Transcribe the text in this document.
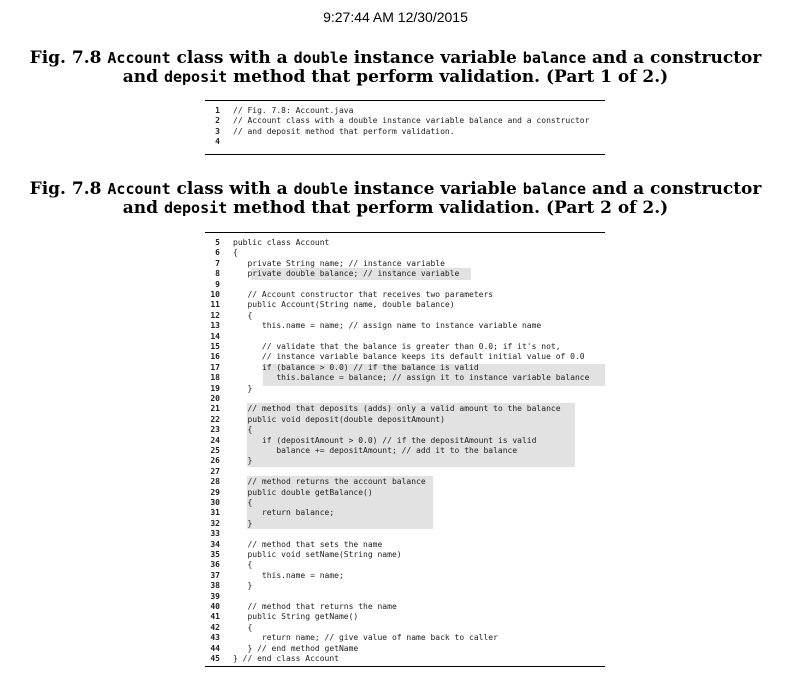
9:27:44 AM 12/30/2015
Fig. 7.8 Account class with a double instance variable balance and a constructor
and deposit method that perform validation. (Part 1 of 2.)
1 // Fig. 7.8: Account.java
2 // Account class with a double instance variable balance and a constructor
3 // and deposit method that perform validation.
4
Fig. 7.8 Account class with a double instance variable balance and a constructor
and deposit method that perform validation. (Part 2 of 2.)
5 public class Account
6 {
7 private String name; // instance variable
8 private double balance; // instance variable
9
10 // Account constructor that receives two parameters
11 public Account(String name, double balance)
12 {
13 this.name = name; // assign name to instance variable name
14
15 // validate that the balance is greater than 0.0; if it's not,
16 // instance variable balance keeps its default initial value of 0.0
17 if (balance > 0.0) // if the balance is valid
18 this.balance = balance; // assign it to instance variable balance
19 }
20
21 // method that deposits (adds) only a valid amount to the balance
22 public void deposit(double depositAmount)
23 {
24 if (depositAmount > 0.0) // if the depositAmount is valid
25 balance += depositAmount; // add it to the balance
26 }
27
28 // method returns the account balance
29 public double getBalance()
30 {
31 return balance;
32 }
33
34 // method that sets the name
35 public void setName(String name)
36 {
37 this.name = name;
38 }
39
40 // method that returns the name
41 public String getName()
42 {
43 return name; // give value of name back to caller
44 } // end method getName
45 } // end class Account
